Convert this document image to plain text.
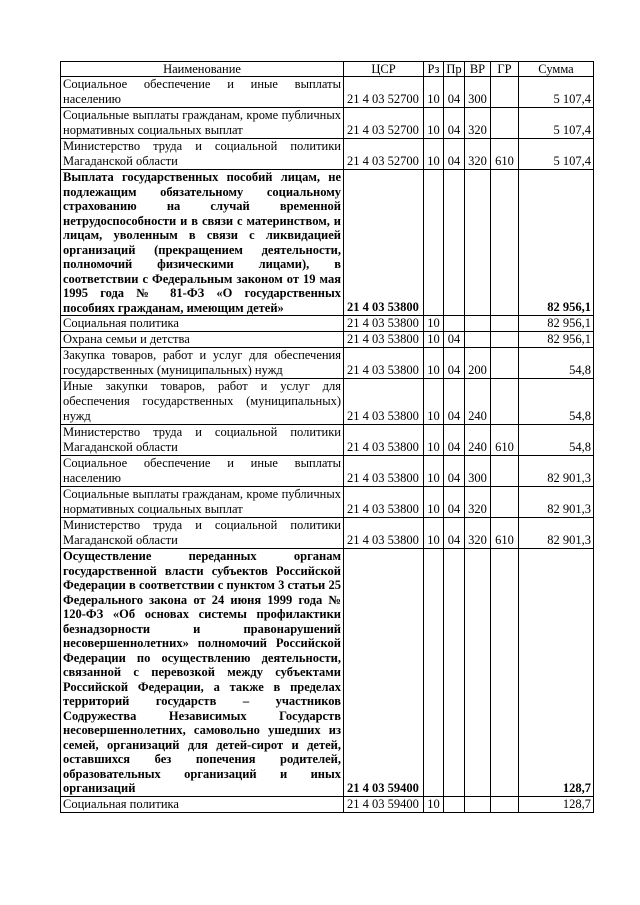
Наименование	ЦСР	Рз	Пр	ВР	ГР	Сумма
Социальное обеспечение и иные выплаты населению	21 4 03 52700	10	04	300		5 107,4
Социальные выплаты гражданам, кроме публичных нормативных социальных выплат	21 4 03 52700	10	04	320		5 107,4
Министерство труда и социальной политики Магаданской области	21 4 03 52700	10	04	320	610	5 107,4
Выплата государственных пособий лицам, не подлежащим обязательному социальному страхованию на случай временной нетрудоспособности и в связи с материнством, и лицам, уволенным в связи с ликвидацией организаций (прекращением деятельности, полномочий физическими лицами), в соответствии с Федеральным законом от 19 мая 1995 года № 81-ФЗ «О государственных пособиях гражданам, имеющим детей»	21 4 03 53800					82 956,1
Социальная политика	21 4 03 53800	10				82 956,1
Охрана семьи и детства	21 4 03 53800	10	04			82 956,1
Закупка товаров, работ и услуг для обеспечения государственных (муниципальных) нужд	21 4 03 53800	10	04	200		54,8
Иные закупки товаров, работ и услуг для обеспечения государственных (муниципальных) нужд	21 4 03 53800	10	04	240		54,8
Министерство труда и социальной политики Магаданской области	21 4 03 53800	10	04	240	610	54,8
Социальное обеспечение и иные выплаты населению	21 4 03 53800	10	04	300		82 901,3
Социальные выплаты гражданам, кроме публичных нормативных социальных выплат	21 4 03 53800	10	04	320		82 901,3
Министерство труда и социальной политики Магаданской области	21 4 03 53800	10	04	320	610	82 901,3
Осуществление переданных органам государственной власти субъектов Российской Федерации в соответствии с пунктом 3 статьи 25 Федерального закона от 24 июня 1999 года № 120-ФЗ «Об основах системы профилактики безнадзорности и правонарушений несовершеннолетних» полномочий Российской Федерации по осуществлению деятельности, связанной с перевозкой между субъектами Российской Федерации, а также в пределах территорий государств – участников Содружества Независимых Государств несовершеннолетних, самовольно ушедших из семей, организаций для детей-сирот и детей, оставшихся без попечения родителей, образовательных организаций и иных организаций	21 4 03 59400					128,7
Социальная политика	21 4 03 59400	10				128,7
